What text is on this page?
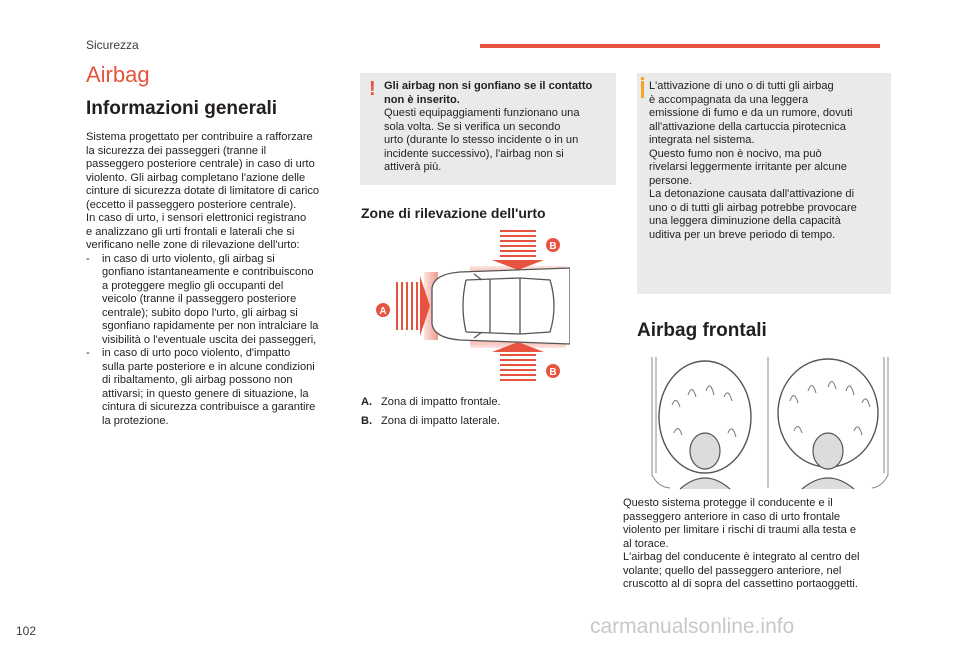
Sicurezza
Airbag
Informazioni generali

Sistema progettato per contribuire a rafforzare

la sicurezza dei passeggeri (tranne il

passeggero posteriore centrale) in caso di urto

violento. Gli airbag completano l'azione delle

cinture di sicurezza dotate di limitatore di carico

(eccetto il passeggero posteriore centrale).

In caso di urto, i sensori elettronici registrano

e analizzano gli urti frontali e laterali che si

verificano nelle zone di rilevazione dell'urto:

- in caso di urto violento, gli airbag si

gonfiano istantaneamente e contribuiscono

a proteggere meglio gli occupanti del

veicolo (tranne il passeggero posteriore

centrale); subito dopo l'urto, gli airbag si

sgonfiano rapidamente per non intralciare la

visibilità o l'eventuale uscita dei passeggeri,

- in caso di urto poco violento, d'impatto

sulla parte posteriore e in alcune condizioni

di ribaltamento, gli airbag possono non

attivarsi; in questo genere di situazione, la

cintura di sicurezza contribuisce a garantire

la protezione.

! Gli airbag non si gonfiano se il contatto

non è inserito.

Questi equipaggiamenti funzionano una

sola volta. Se si verifica un secondo

urto (durante lo stesso incidente o in un

incidente successivo), l'airbag non si

attiverà più.

Zone di rilevazione dell'urto
B
B
A
A. Zona di impatto frontale.
B. Zona di impatto laterale.

L'attivazione di uno o di tutti gli airbag

è accompagnata da una leggera

emissione di fumo e da un rumore, dovuti

all'attivazione della cartuccia pirotecnica

integrata nel sistema.

Questo fumo non è nocivo, ma può

rivelarsi leggermente irritante per alcune

persone.

La detonazione causata dall'attivazione di

uno o di tutti gli airbag potrebbe provocare

una leggera diminuzione della capacità

uditiva per un breve periodo di tempo.

Airbag frontali

Questo sistema protegge il conducente e il

passeggero anteriore in caso di urto frontale

violento per limitare i rischi di traumi alla testa e

al torace.

L'airbag del conducente è integrato al centro del

volante; quello del passeggero anteriore, nel

cruscotto al di sopra del cassettino portaoggetti.

102	carmanualsonline.info
